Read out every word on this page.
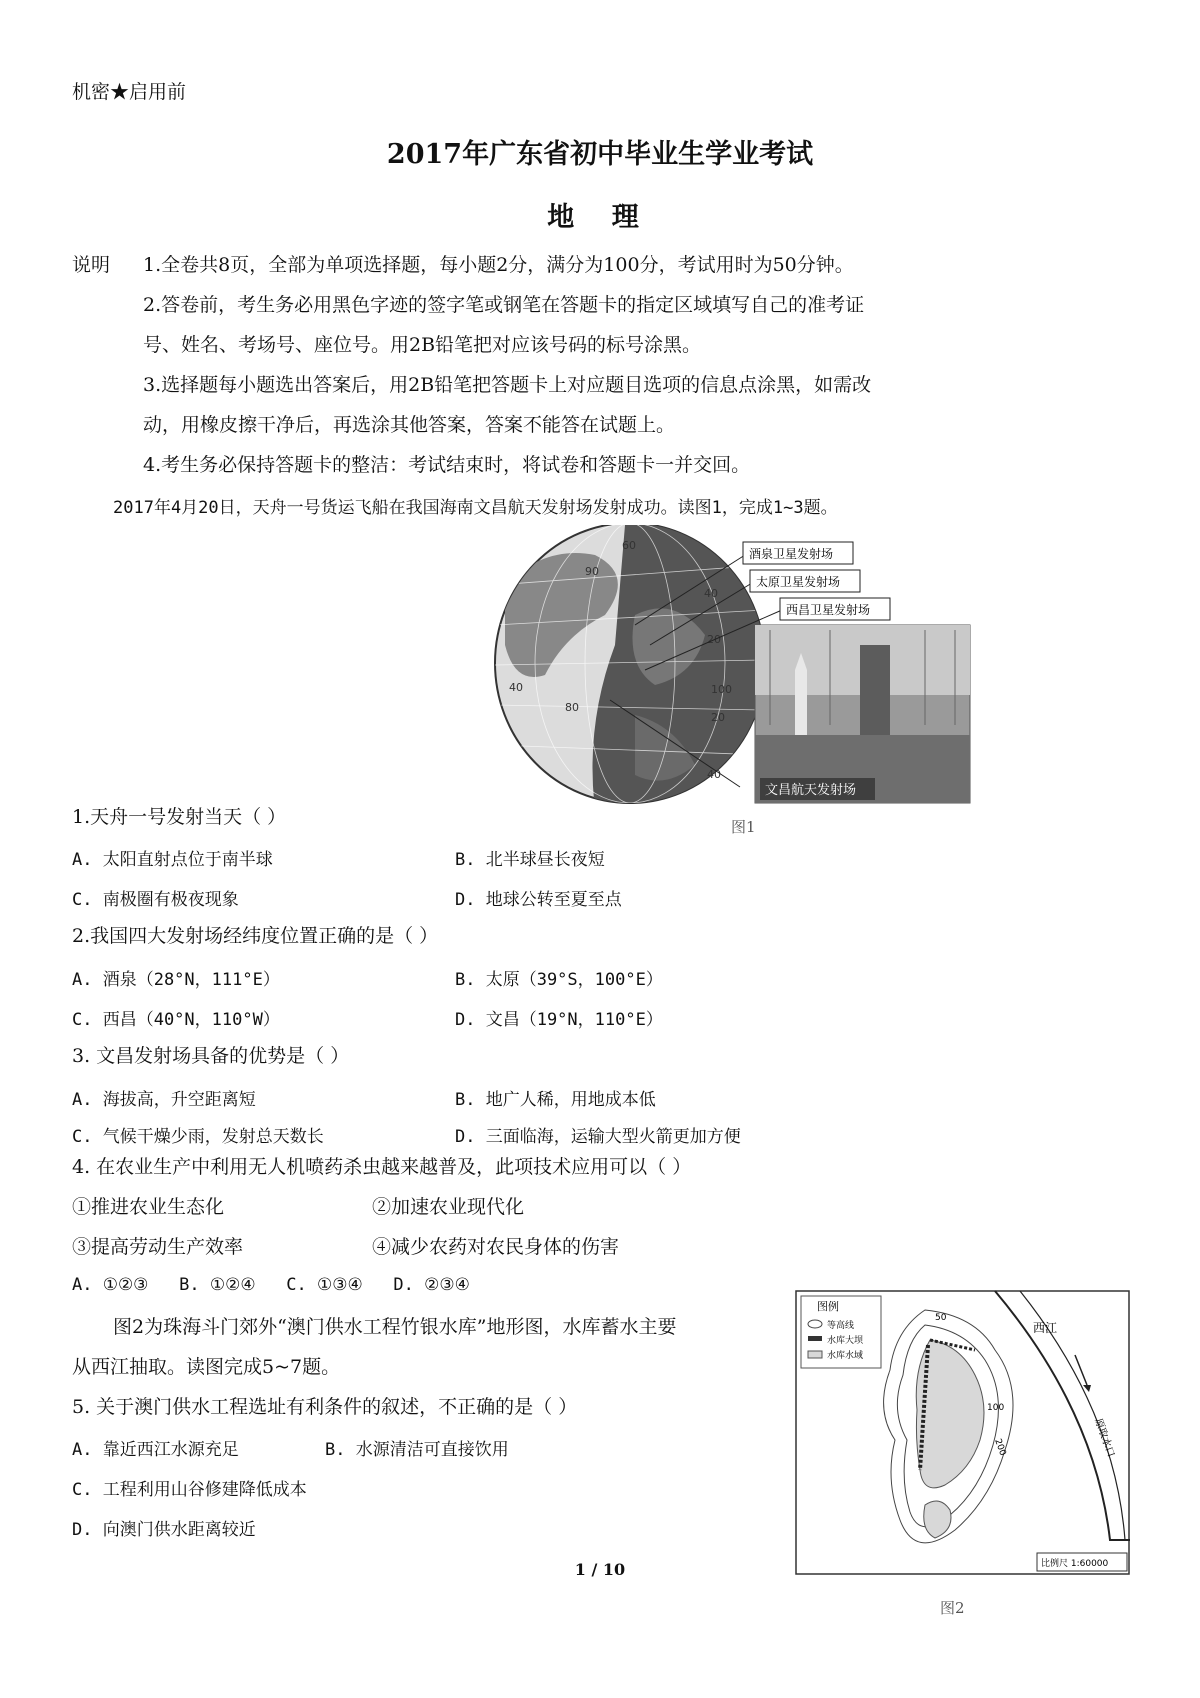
机密★启用前
2017年广东省初中毕业生学业考试
地 理
说明 1.全卷共8页，全部为单项选择题，每小题2分，满分为100分，考试用时为50分钟。
2.答卷前，考生务必用黑色字迹的签字笔或钢笔在答题卡的指定区域填写自己的准考证
号、姓名、考场号、座位号。用2B铅笔把对应该号码的标号涂黑。
3.选择题每小题选出答案后，用2B铅笔把答题卡上对应题目选项的信息点涂黑，如需改
动，用橡皮擦干净后，再选涂其他答案，答案不能答在试题上。
4.考生务必保持答题卡的整洁：考试结束时，将试卷和答题卡一并交回。
2017年4月20日，天舟一号货运飞船在我国海南文昌航天发射场发射成功。读图1，完成1~3题。
60
90
40
20
100
20
40
40
80
酒泉卫星发射场
太原卫星发射场
西昌卫星发射场
文昌航天发射场
图1
1.天舟一号发射当天（ ）
A. 太阳直射点位于南半球	B. 北半球昼长夜短
C. 南极圈有极夜现象	D. 地球公转至夏至点
2.我国四大发射场经纬度位置正确的是（ ）
A. 酒泉（28°N，111°E）	B. 太原（39°S，100°E）
C. 西昌（40°N，110°W）	D. 文昌（19°N，110°E）
3. 文昌发射场具备的优势是（ ）
A. 海拔高，升空距离短	B. 地广人稀，用地成本低
C. 气候干燥少雨，发射总天数长	D. 三面临海，运输大型火箭更加方便
4. 在农业生产中利用无人机喷药杀虫越来越普及，此项技术应用可以（ ）
①推进农业生态化	②加速农业现代化
③提高劳动生产效率	④减少农药对农民身体的伤害
A. ①②③   B. ①②④   C. ①③④   D. ②③④
图2为珠海斗门郊外“澳门供水工程竹银水库”地形图，水库蓄水主要
从西江抽取。读图完成5~7题。
5. 关于澳门供水工程选址有利条件的叙述，不正确的是（ ）
A. 靠近西江水源充足	B. 水源清洁可直接饮用
C. 工程利用山谷修建降低成本
D. 向澳门供水距离较近
图例
等高线
水库大坝
水库水域
西江
原取水口
50
100
200
比例尺 1:60000
图2
1 / 10
